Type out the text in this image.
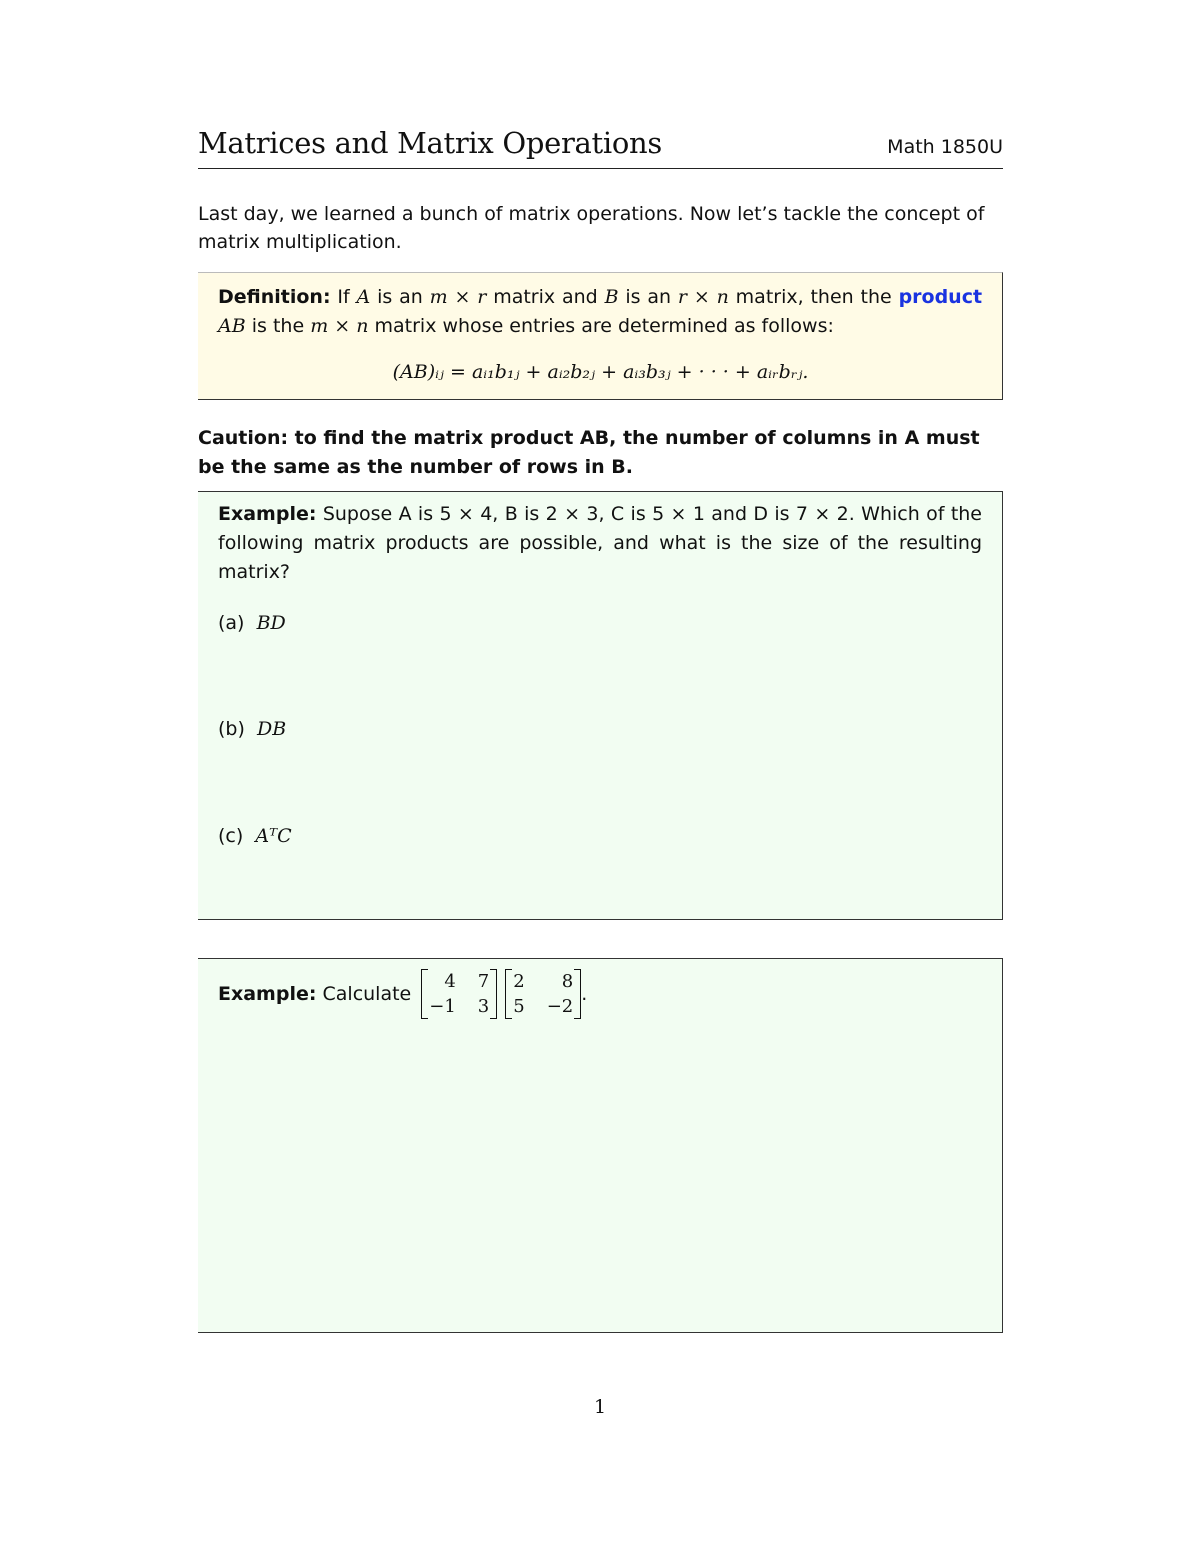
Matrices and Matrix Operations	Math 1850U
Last day, we learned a bunch of matrix operations. Now let’s tackle the concept of matrix multiplication.
Definition: If A is an m × r matrix and B is an r × n matrix, then the product AB is the m × n matrix whose entries are determined as follows:
(AB)ᵢⱼ = aᵢ₁b₁ⱼ + aᵢ₂b₂ⱼ + aᵢ₃b₃ⱼ + · · · + aᵢᵣbᵣⱼ.
Caution: to find the matrix product AB, the number of columns in A must be the same as the number of rows in B.
Example: Supose A is 5 × 4, B is 2 × 3, C is 5 × 1 and D is 7 × 2. Which of the following matrix products are possible, and what is the size of the resulting matrix?
(a) BD
(b) DB
(c) AᵀC
Example:
Calculate
4 7
−1 3
2	8
5 −2
.
1
